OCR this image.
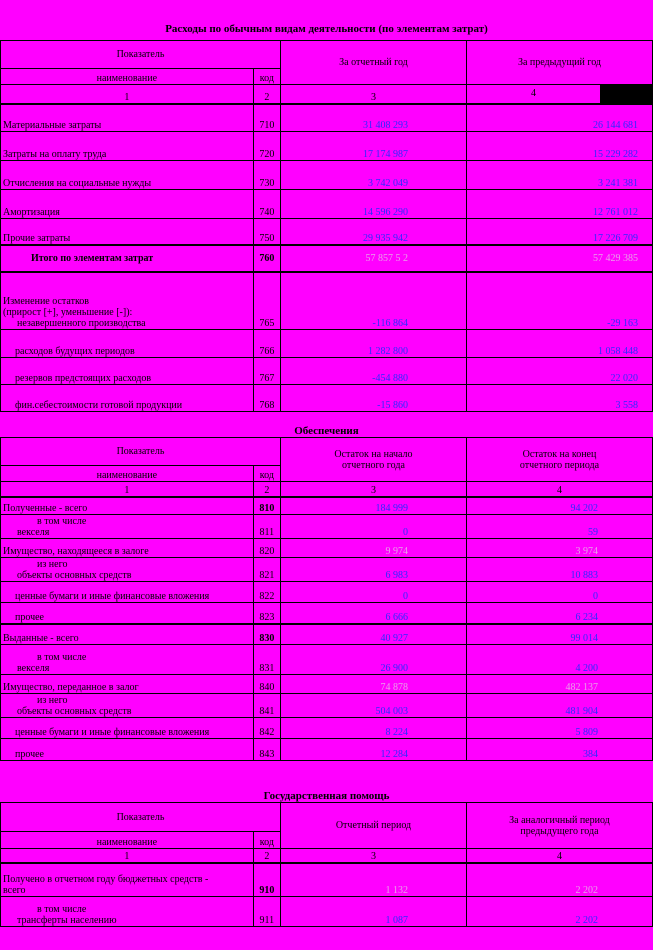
Расходы по обычным видам деятельности (по элементам затрат)			
Показатель		За отчетный год	За предыдущий год
наименование	код		
1	2	3	4

Материальные затраты	710	31 408 293	26 144 681
Затраты на оплату труда	720	17 174 987	15 229 282
Отчисления на социальные нужды	730	3 742 049	3 241 381
Амортизация	740	14 596 290	12 761 012
Прочие затраты	750	29 935 942	17 226 709
Итого по элементам затрат	760	57 857 5 2	57 429 385

Изменение остатков
(прирост [+], уменьшение [-]):
незавершенного производства	765	-116 864	-29 163
расходов будущих периодов	766	1 282 800	1 058 448
резервов предстоящих расходов	767	-454 880	22 020
фин.себестоимости готовой продукции	768	-15 860	3 558
Обеспечения			
Показатель		Остаток на начало
отчетного года	Остаток на конец
отчетного периода

наименование	код		
1	2	3	4
Полученные - всего	810	184 999	94 202

в том числе
векселя	811	0	59
Имущество, находящееся в залоге	820	9 974	3 974

из него
объекты основных средств	821	6 983	10 883
ценные бумаги и иные финансовые вложения	822	0	0
прочее	823	6 666	6 234
Выданные - всего	830	40 927	99 014

в том числе
векселя	831	26 900	4 200
Имущество, переданное в залог	840	74 878	482 137

из него
объекты основных средств	841	504 003	481 904
ценные бумаги и иные финансовые вложения	842	8 224	5 809
прочее	843	12 284	384
Государственная помощь			
Показатель		Отчетный период	За аналогичный период
предыдущего года

наименование	код		
1	2	3	4

Получено в отчетном году бюджетных средств -
всего	910	1 132	2 202

в том числе
трансферты населению	911	1 087	2 202
